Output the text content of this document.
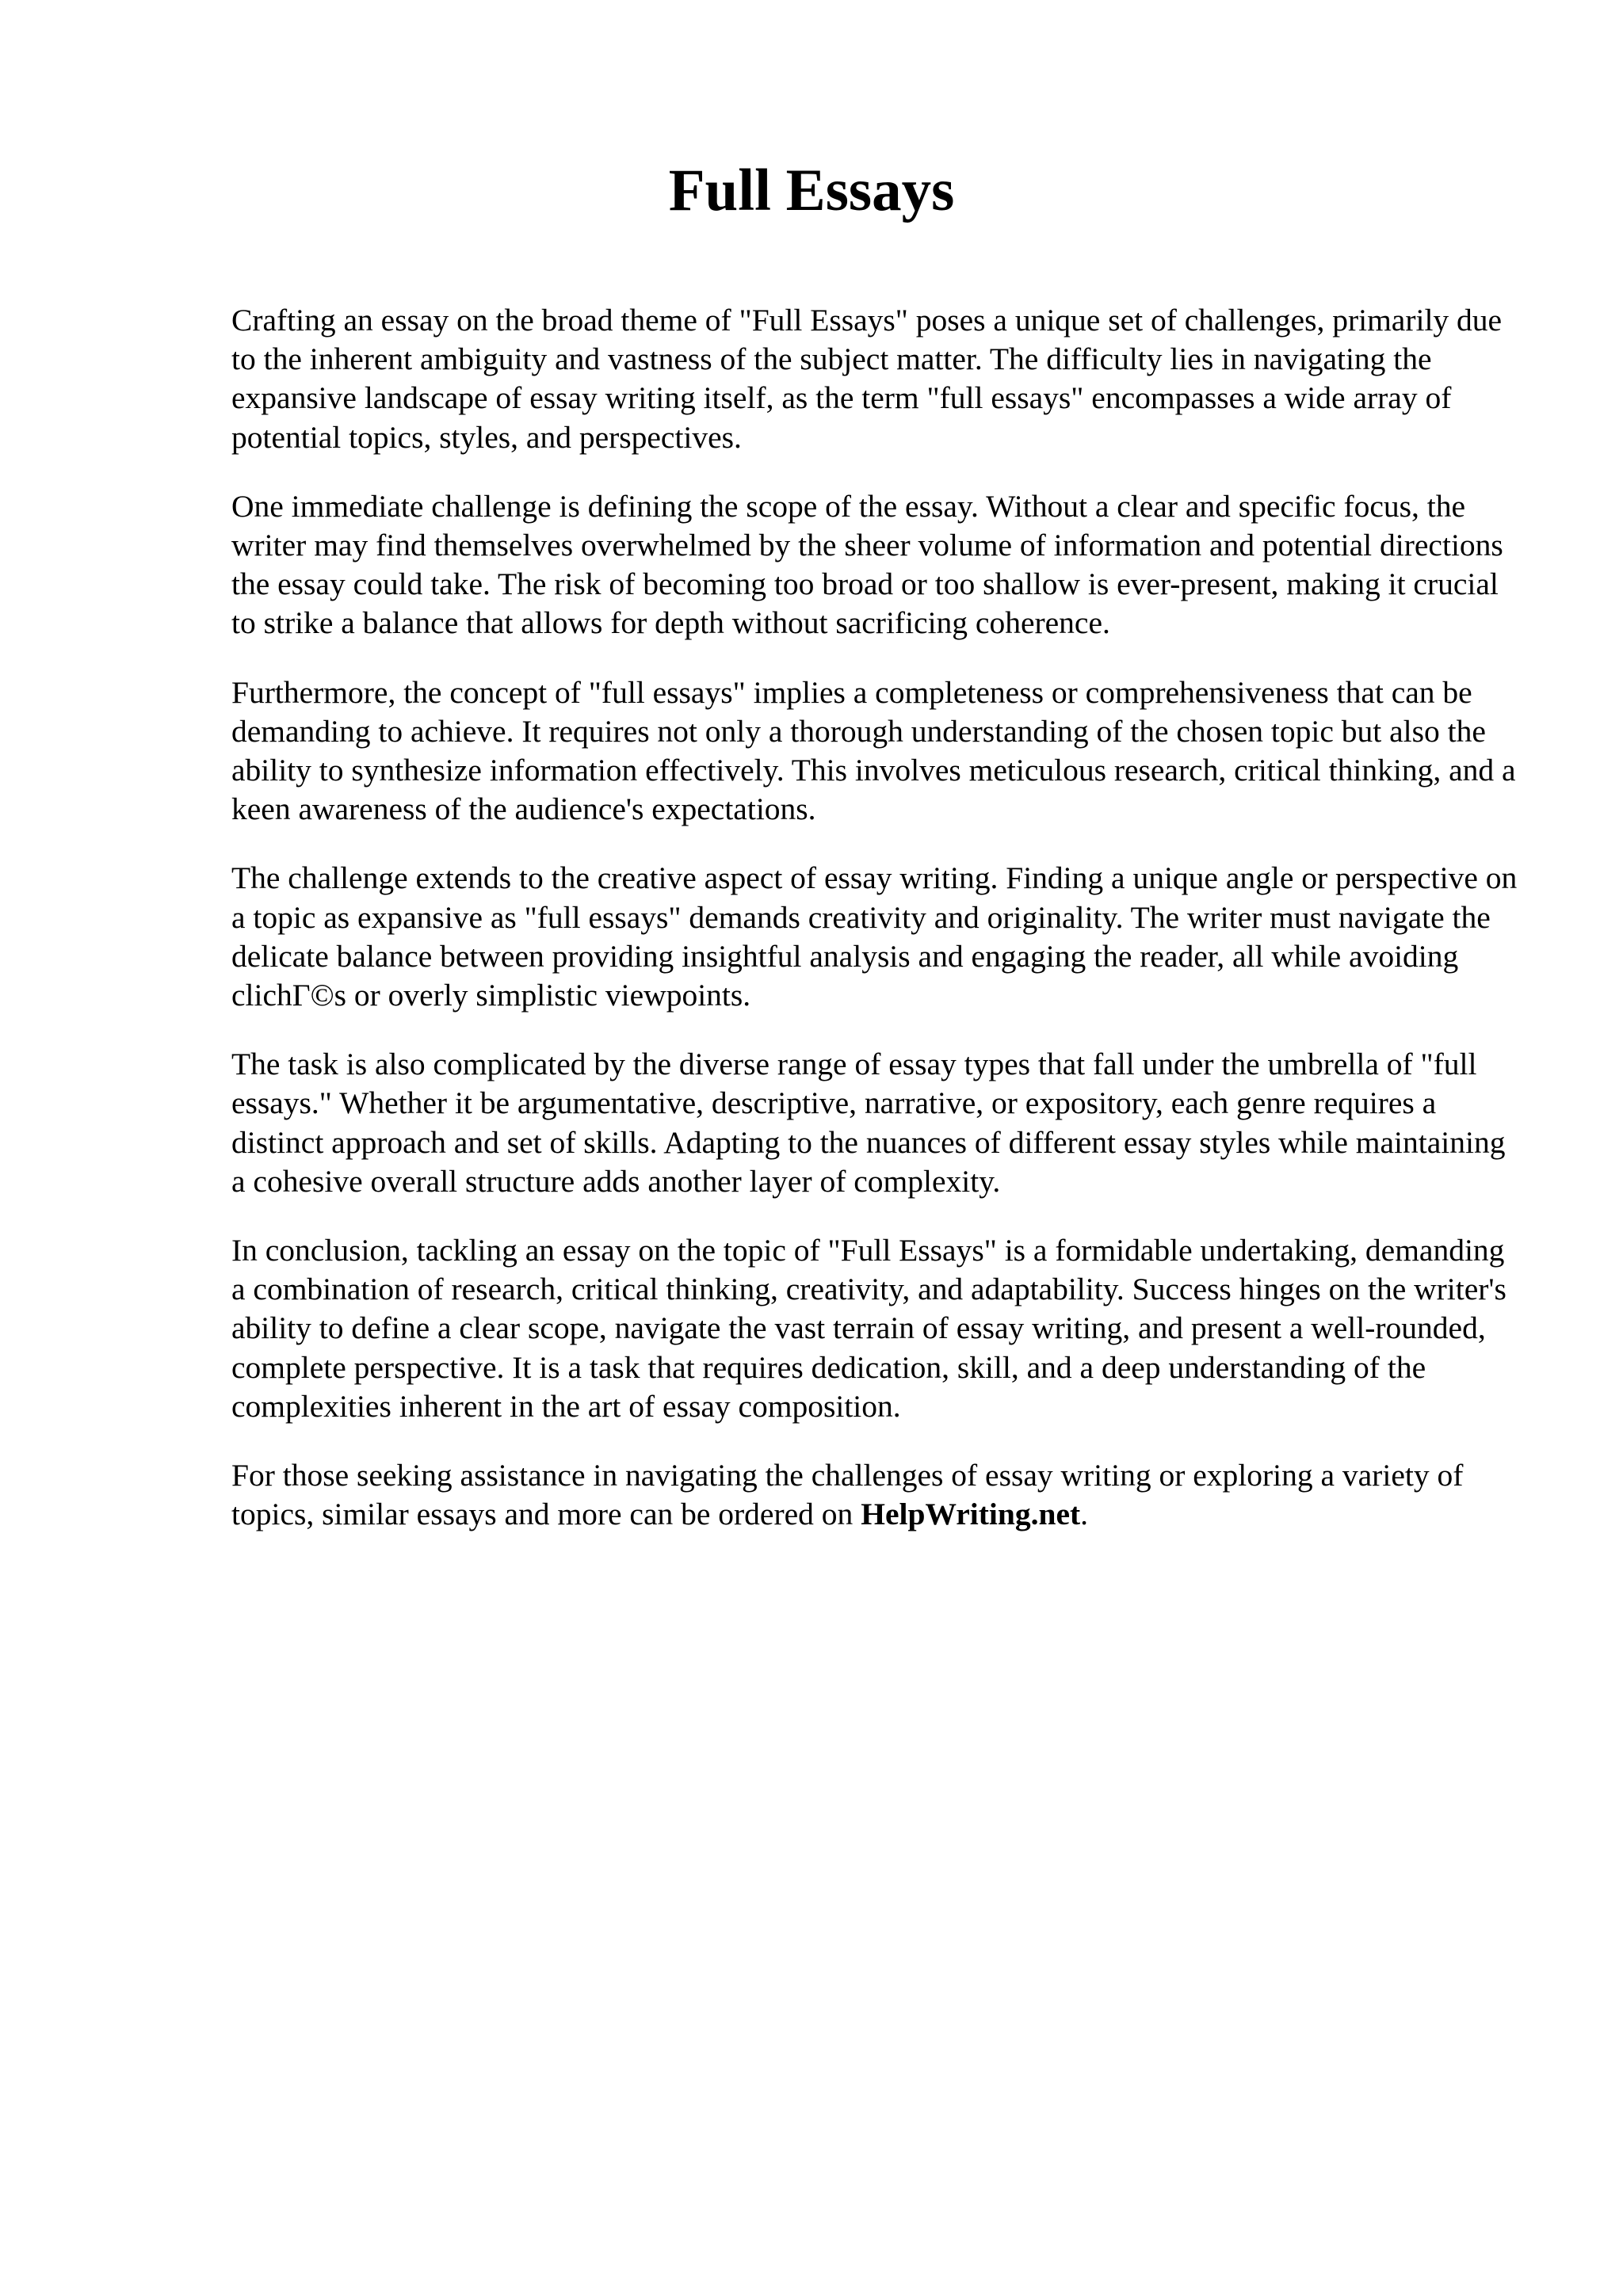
Full Essays

Crafting an essay on the broad theme of "Full Essays" poses a unique set of challenges, primarily due to the inherent ambiguity and vastness of the subject matter. The difficulty lies in navigating the expansive landscape of essay writing itself, as the term "full essays" encompasses a wide array of potential topics, styles, and perspectives.

One immediate challenge is defining the scope of the essay. Without a clear and specific focus, the writer may find themselves overwhelmed by the sheer volume of information and potential directions the essay could take. The risk of becoming too broad or too shallow is ever-present, making it crucial to strike a balance that allows for depth without sacrificing coherence.

Furthermore, the concept of "full essays" implies a completeness or comprehensiveness that can be demanding to achieve. It requires not only a thorough understanding of the chosen topic but also the ability to synthesize information effectively. This involves meticulous research, critical thinking, and a keen awareness of the audience's expectations.

The challenge extends to the creative aspect of essay writing. Finding a unique angle or perspective on a topic as expansive as "full essays" demands creativity and originality. The writer must navigate the delicate balance between providing insightful analysis and engaging the reader, all while avoiding clichΓ©s or overly simplistic viewpoints.

The task is also complicated by the diverse range of essay types that fall under the umbrella of "full essays." Whether it be argumentative, descriptive, narrative, or expository, each genre requires a distinct approach and set of skills. Adapting to the nuances of different essay styles while maintaining a cohesive overall structure adds another layer of complexity.

In conclusion, tackling an essay on the topic of "Full Essays" is a formidable undertaking, demanding a combination of research, critical thinking, creativity, and adaptability. Success hinges on the writer's ability to define a clear scope, navigate the vast terrain of essay writing, and present a well-rounded, complete perspective. It is a task that requires dedication, skill, and a deep understanding of the complexities inherent in the art of essay composition.

For those seeking assistance in navigating the challenges of essay writing or exploring a variety of topics, similar essays and more can be ordered on HelpWriting.net.
